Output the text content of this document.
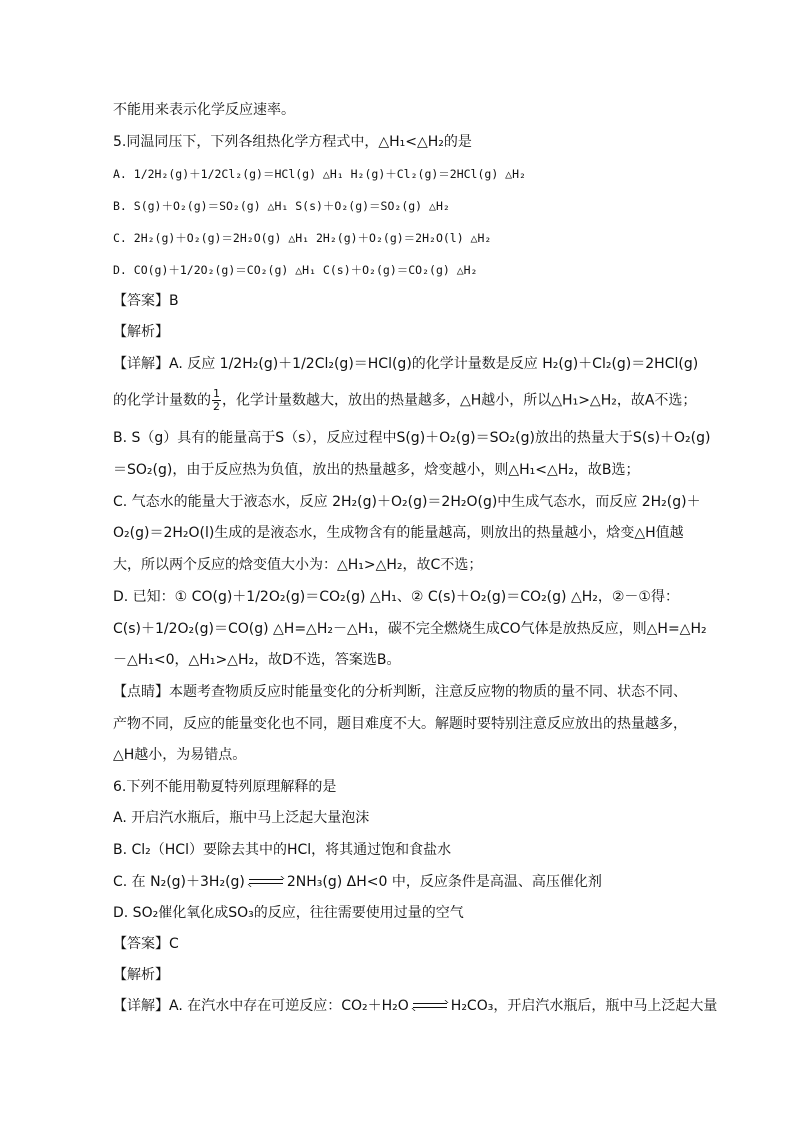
不能用来表示化学反应速率。
5.同温同压下，下列各组热化学方程式中，△H₁<△H₂的是
A. 1/2H₂(g)＋1/2Cl₂(g)＝HCl(g) △H₁ H₂(g)＋Cl₂(g)＝2HCl(g) △H₂
B. S(g)＋O₂(g)＝SO₂(g) △H₁ S(s)＋O₂(g)＝SO₂(g) △H₂
C. 2H₂(g)＋O₂(g)＝2H₂O(g) △H₁ 2H₂(g)＋O₂(g)＝2H₂O(l) △H₂
D. CO(g)＋1/2O₂(g)＝CO₂(g) △H₁ C(s)＋O₂(g)＝CO₂(g) △H₂
【答案】B
【解析】
【详解】A. 反应 1/2H₂(g)＋1/2Cl₂(g)＝HCl(g)的化学计量数是反应 H₂(g)＋Cl₂(g)＝2HCl(g)
的化学计量数的 $\frac{1}{2}$ ，化学计量数越大，放出的热量越多，△H越小，所以△H₁>△H₂，故A不选；
B. S（g）具有的能量高于S（s），反应过程中S(g)＋O₂(g)＝SO₂(g)放出的热量大于S(s)＋O₂(g)
＝SO₂(g)，由于反应热为负值，放出的热量越多，焓变越小，则△H₁<△H₂，故B选；
C. 气态水的能量大于液态水，反应 2H₂(g)＋O₂(g)＝2H₂O(g)中生成气态水，而反应 2H₂(g)＋
O₂(g)＝2H₂O(l)生成的是液态水，生成物含有的能量越高，则放出的热量越小，焓变△H值越
大，所以两个反应的焓变值大小为：△H₁>△H₂，故C不选；
D. 已知：① CO(g)＋1/2O₂(g)＝CO₂(g) △H₁、② C(s)＋O₂(g)＝CO₂(g) △H₂，②－①得：
C(s)＋1/2O₂(g)＝CO(g) △H=△H₂－△H₁，碳不完全燃烧生成CO气体是放热反应，则△H=△H₂
－△H₁<0，△H₁>△H₂，故D不选，答案选B。
【点睛】本题考查物质反应时能量变化的分析判断，注意反应物的物质的量不同、状态不同、
产物不同，反应的能量变化也不同，题目难度不大。解题时要特别注意反应放出的热量越多，
△H越小，为易错点。
6.下列不能用勒夏特列原理解释的是
A. 开启汽水瓶后，瓶中马上泛起大量泡沫
B. Cl₂（HCl）要除去其中的HCl，将其通过饱和食盐水
C. 在 N₂(g)＋3H₂(g)	2NH₃(g) ΔH<0 中，反应条件是高温、高压催化剂
D. SO₂催化氧化成SO₃的反应，往往需要使用过量的空气
【答案】C
【解析】
【详解】A. 在汽水中存在可逆反应：CO₂＋H₂O	H₂CO₃，开启汽水瓶后，瓶中马上泛起大量
